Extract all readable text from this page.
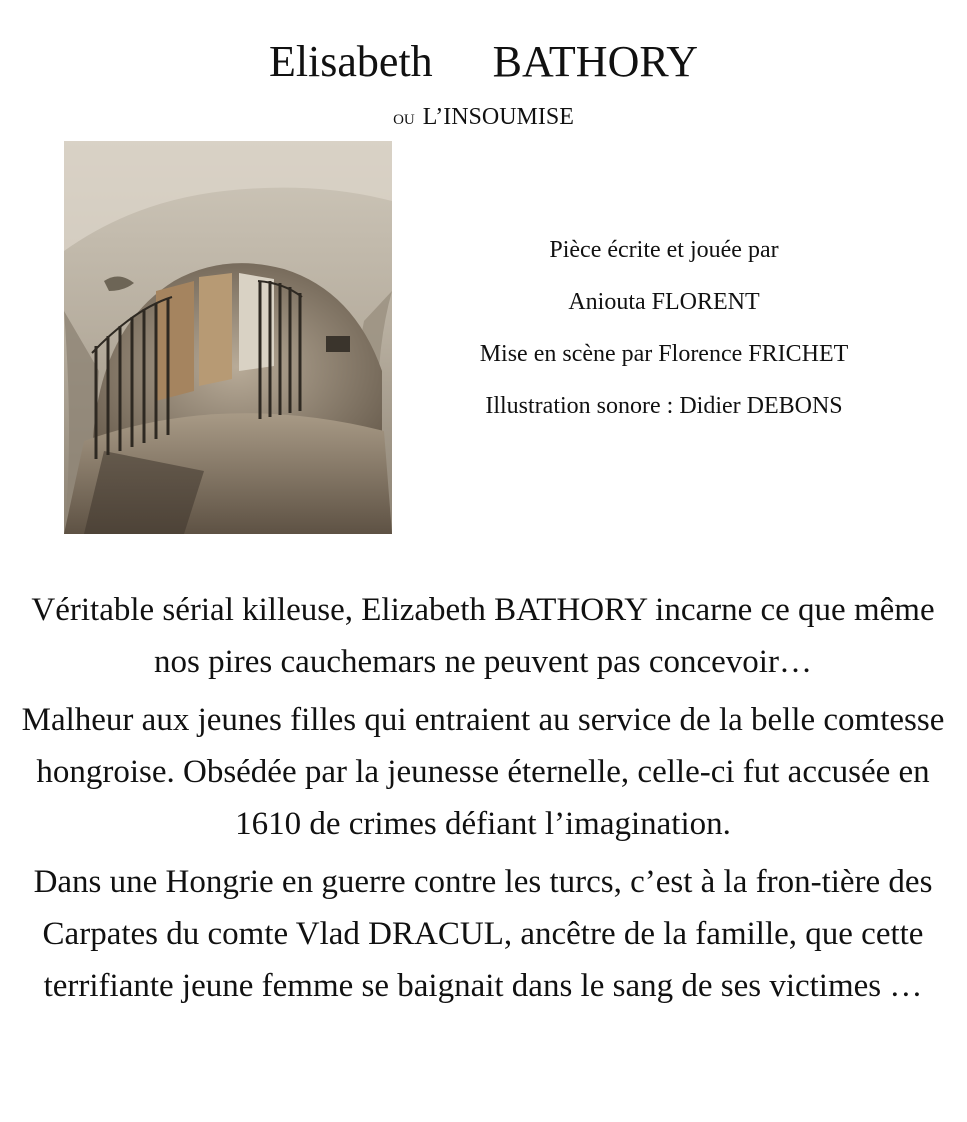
Elisabeth BATHORY
OU L’INSOUMISE
Pièce écrite et jouée par
Aniouta FLORENT
Mise en scène par Florence FRICHET
Illustration sonore : Didier DEBONS

Véritable sérial killeuse, Elizabeth BATHORY incarne ce que même nos pires cauchemars ne peuvent pas concevoir…

Malheur aux jeunes filles qui entraient au service de la belle comtesse hongroise. Obsédée par la jeunesse éternelle, celle-ci fut accusée en 1610 de crimes défiant l’imagination.

Dans une Hongrie en guerre contre les turcs, c’est à la fron-tière des Carpates du comte Vlad DRACUL, ancêtre de la famille, que cette terrifiante jeune femme se baignait dans le sang de ses victimes …
